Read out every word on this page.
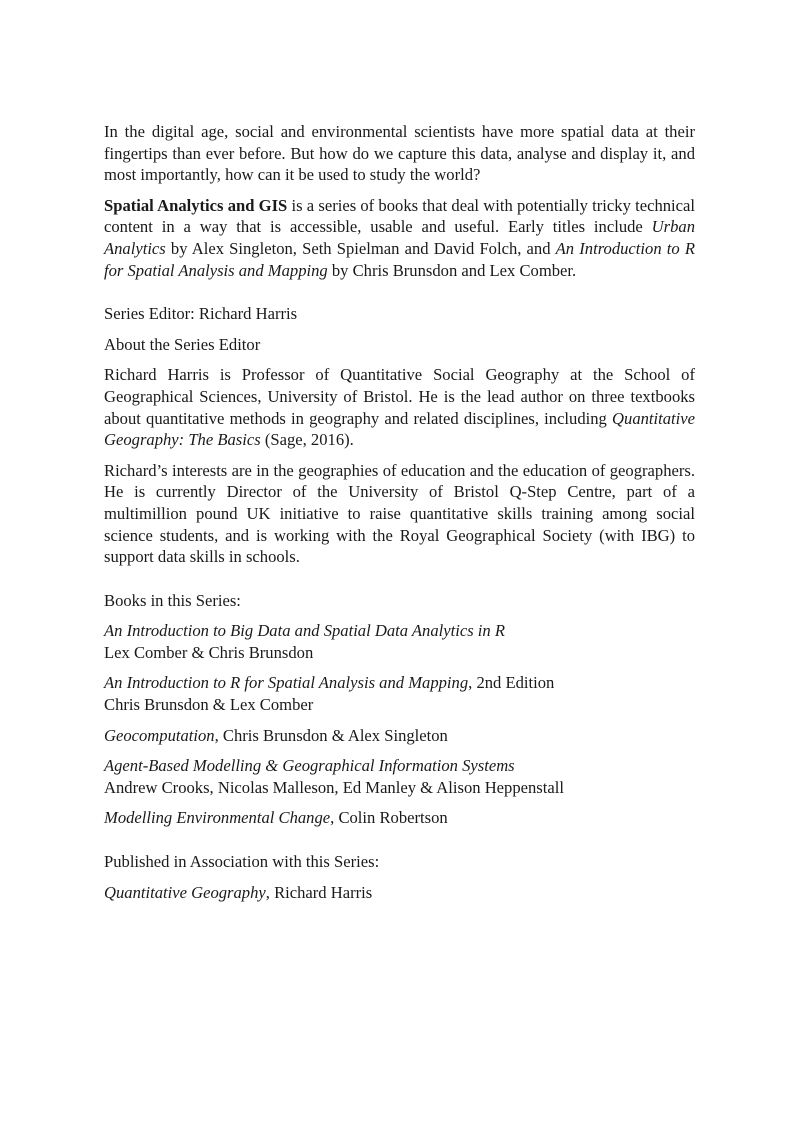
In the digital age, social and environmental scientists have more spatial data at their fingertips than ever before. But how do we capture this data, analyse and display it, and most importantly, how can it be used to study the world?

Spatial Analytics and GIS is a series of books that deal with potentially tricky technical content in a way that is accessible, usable and useful. Early titles include Urban Analytics by Alex Singleton, Seth Spielman and David Folch, and An Introduction to R for Spatial Analysis and Mapping by Chris Brunsdon and Lex Comber.

Series Editor: Richard Harris

About the Series Editor

Richard Harris is Professor of Quantitative Social Geography at the School of Geographical Sciences, University of Bristol. He is the lead author on three textbooks about quantitative methods in geography and related disciplines, including Quantitative Geography: The Basics (Sage, 2016).

Richard’s interests are in the geographies of education and the education of geographers. He is currently Director of the University of Bristol Q-Step Centre, part of a multimillion pound UK initiative to raise quantitative skills training among social science students, and is working with the Royal Geographical Society (with IBG) to support data skills in schools.

Books in this Series:

An Introduction to Big Data and Spatial Data Analytics in R
Lex Comber & Chris Brunsdon

An Introduction to R for Spatial Analysis and Mapping, 2nd Edition
Chris Brunsdon & Lex Comber

Geocomputation, Chris Brunsdon & Alex Singleton

Agent-Based Modelling & Geographical Information Systems
Andrew Crooks, Nicolas Malleson, Ed Manley & Alison Heppenstall

Modelling Environmental Change, Colin Robertson

Published in Association with this Series:

Quantitative Geography, Richard Harris
